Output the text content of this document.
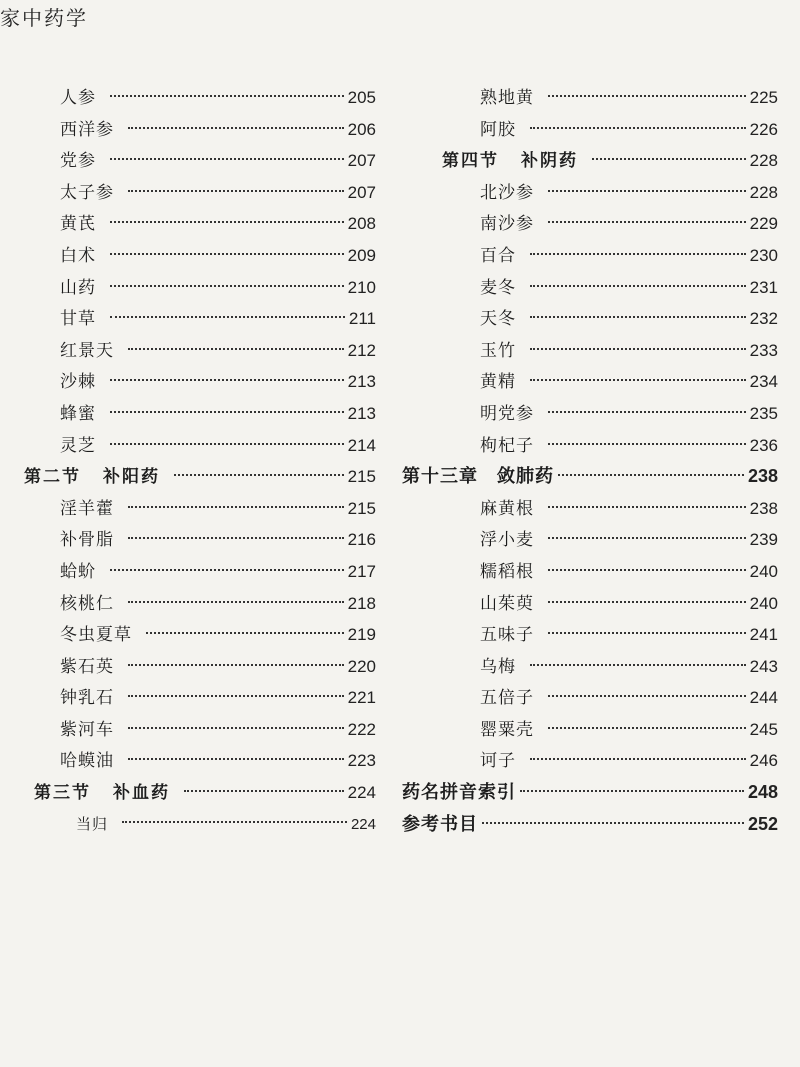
家中药学
人参	205
西洋参	206
党参	207
太子参	207
黄芪	208
白术	209
山药	210
甘草	211
红景天	212
沙棘	213
蜂蜜	213
灵芝	214
第二节 补阳药	215
淫羊藿	215
补骨脂	216
蛤蚧	217
核桃仁	218
冬虫夏草	219
紫石英	220
钟乳石	221
紫河车	222
哈蟆油	223
第三节 补血药	224
当归	224
熟地黄	225
阿胶	226
第四节 补阴药	228
北沙参	228
南沙参	229
百合	230
麦冬	231
天冬	232
玉竹	233
黄精	234
明党参	235
枸杞子	236
第十三章　敛肺药	238
麻黄根	238
浮小麦	239
糯稻根	240
山茱萸	240
五味子	241
乌梅	243
五倍子	244
罂粟壳	245
诃子	246
药名拼音索引	248
参考书目	252
